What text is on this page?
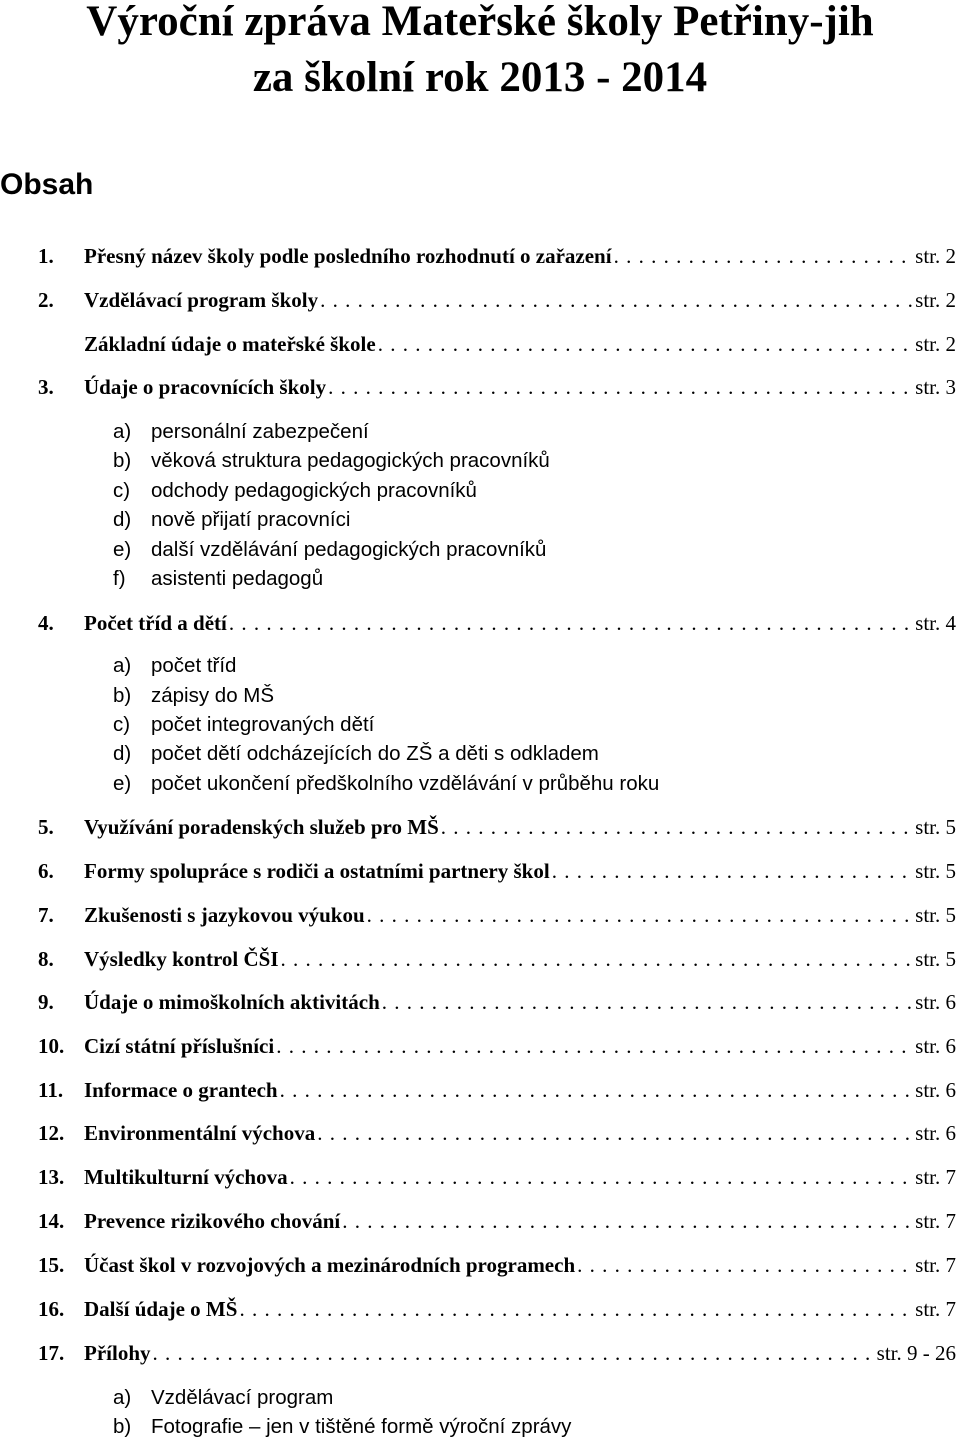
Výroční zpráva Mateřské školy Petřiny-jih
za školní rok 2013 - 2014
Obsah
1.	Přesný název školy podle posledního rozhodnutí o zařazení . . .	str. 2
2.	Vzdělávací program školy . . .	str. 2
Základní údaje o mateřské škole . . .	str. 2
3.	Údaje o pracovnících školy . . .	str. 3
4.	Počet tříd a dětí . . .	str. 4
5.	Využívání poradenských služeb pro MŠ . . .	str. 5
6.	Formy spolupráce s rodiči a ostatními partnery škol . . .	str. 5
7.	Zkušenosti s jazykovou výukou . . .	str. 5
8.	Výsledky kontrol ČŠI . . .	str. 5
9.	Údaje o mimoškolních aktivitách . . .	str. 6
10. Cizí státní příslušníci . . .	str. 6
11. Informace o grantech . . .	str. 6
12. Environmentální výchova . . .	str. 6
13. Multikulturní výchova . . .	str. 7
14. Prevence rizikového chování . . .	str. 7
15. Účast škol v rozvojových a mezinárodních programech . . .	str. 7
16. Další údaje o MŠ . . .	str. 7
17. Přílohy . . .	str. 9 - 26
a) personální zabezpečení
b) věková struktura pedagogických pracovníků
c)	odchody pedagogických pracovníků
d) nově přijatí pracovníci
e) další vzdělávání pedagogických pracovníků
f)	asistenti pedagogů
a) počet tříd
b) zápisy do MŠ
c)	počet integrovaných dětí
d) počet dětí odcházejících do ZŠ a děti s odkladem
e) počet ukončení předškolního vzdělávání v průběhu roku
a) Vzdělávací program
b) Fotografie – jen v tištěné formě výroční zprávy
